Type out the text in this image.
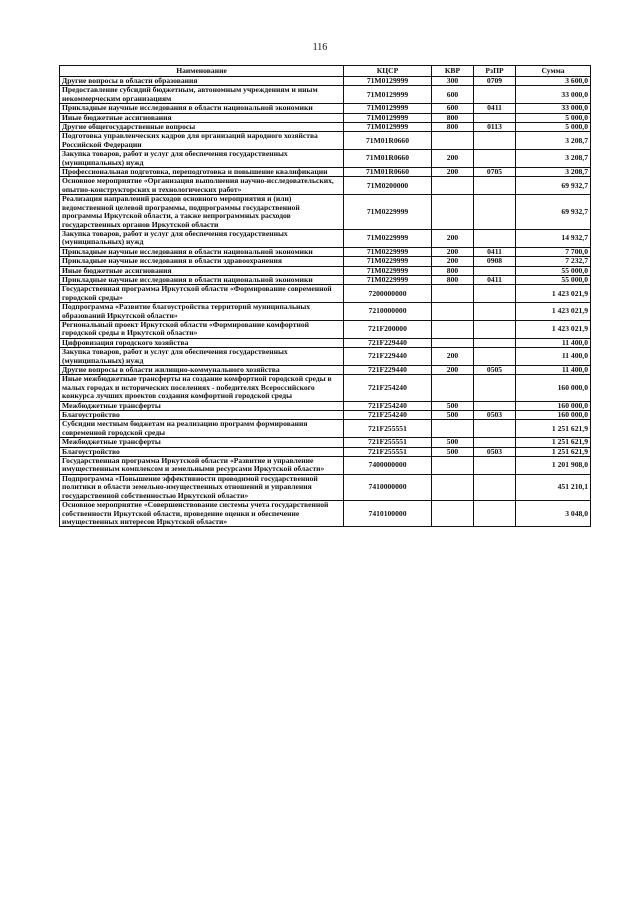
116
Наименование	КЦСР	КВР	РзПР	Сумма
Другие вопросы в области образования	71М0129999	300	0709	3 600,0
Предоставление субсидий бюджетным, автономным учреждениям и иным некоммерческим организациям	71М0129999	600		33 000,0
Прикладные научные исследования в области национальной экономики	71М0129999	600	0411	33 000,0
Иные бюджетные ассигнования	71М0129999	800		5 000,0
Другие общегосударственные вопросы	71М0129999	800	0113	5 000,0
Подготовка управленческих кадров для организаций народного хозяйства Российской Федерации	71М01R0660			3 208,7
Закупка товаров, работ и услуг для обеспечения государственных (муниципальных) нужд	71М01R0660	200		3 208,7
Профессиональная подготовка, переподготовка и повышение квалификации	71М01R0660	200	0705	3 208,7
Основное мероприятие «Организация выполнения научно-исследовательских, опытно-конструкторских и технологических работ»	71М0200000			69 932,7
Реализация направлений расходов основного мероприятия и (или) ведомственной целевой программы, подпрограммы государственной программы Иркутской области, а также непрограммных расходов государственных органов Иркутской области	71М0229999			69 932,7
Закупка товаров, работ и услуг для обеспечения государственных (муниципальных) нужд	71М0229999	200		14 932,7
Прикладные научные исследования в области национальной экономики	71М0229999	200	0411	7 700,0
Прикладные научные исследования в области здравоохранения	71М0229999	200	0908	7 232,7
Иные бюджетные ассигнования	71М0229999	800		55 000,0
Прикладные научные исследования в области национальной экономики	71М0229999	800	0411	55 000,0
Государственная программа Иркутской области «Формирование современной городской среды»	7200000000			1 423 021,9
Подпрограмма «Развитие благоустройства территорий муниципальных образований Иркутской области»	7210000000			1 423 021,9
Региональный проект Иркутской области «Формирование комфортной городской среды в Иркутской области»	721F200000			1 423 021,9
Цифровизация городского хозяйства	721F229440			11 400,0
Закупка товаров, работ и услуг для обеспечения государственных (муниципальных) нужд	721F229440	200		11 400,0
Другие вопросы в области жилищно-коммунального хозяйства	721F229440	200	0505	11 400,0
Иные межбюджетные трансферты на создание комфортной городской среды в малых городах и исторических поселениях - победителях Всероссийского конкурса лучших проектов создания комфортной городской среды	721F254240			160 000,0
Межбюджетные трансферты	721F254240	500		160 000,0
Благоустройство	721F254240	500	0503	160 000,0
Субсидии местным бюджетам на реализацию программ формирования современной городской среды	721F255551			1 251 621,9
Межбюджетные трансферты	721F255551	500		1 251 621,9
Благоустройство	721F255551	500	0503	1 251 621,9
Государственная программа Иркутской области «Развитие и управление имущественным комплексом и земельными ресурсами Иркутской области»	7400000000			1 201 908,0
Подпрограмма «Повышение эффективности проводимой государственной политики в области земельно-имущественных отношений и управления государственной собственностью Иркутской области»	7410000000			451 210,1
Основное мероприятие «Совершенствование системы учета государственной собственности Иркутской области, проведение оценки и обеспечение имущественных интересов Иркутской области»	7410100000			3 048,0
